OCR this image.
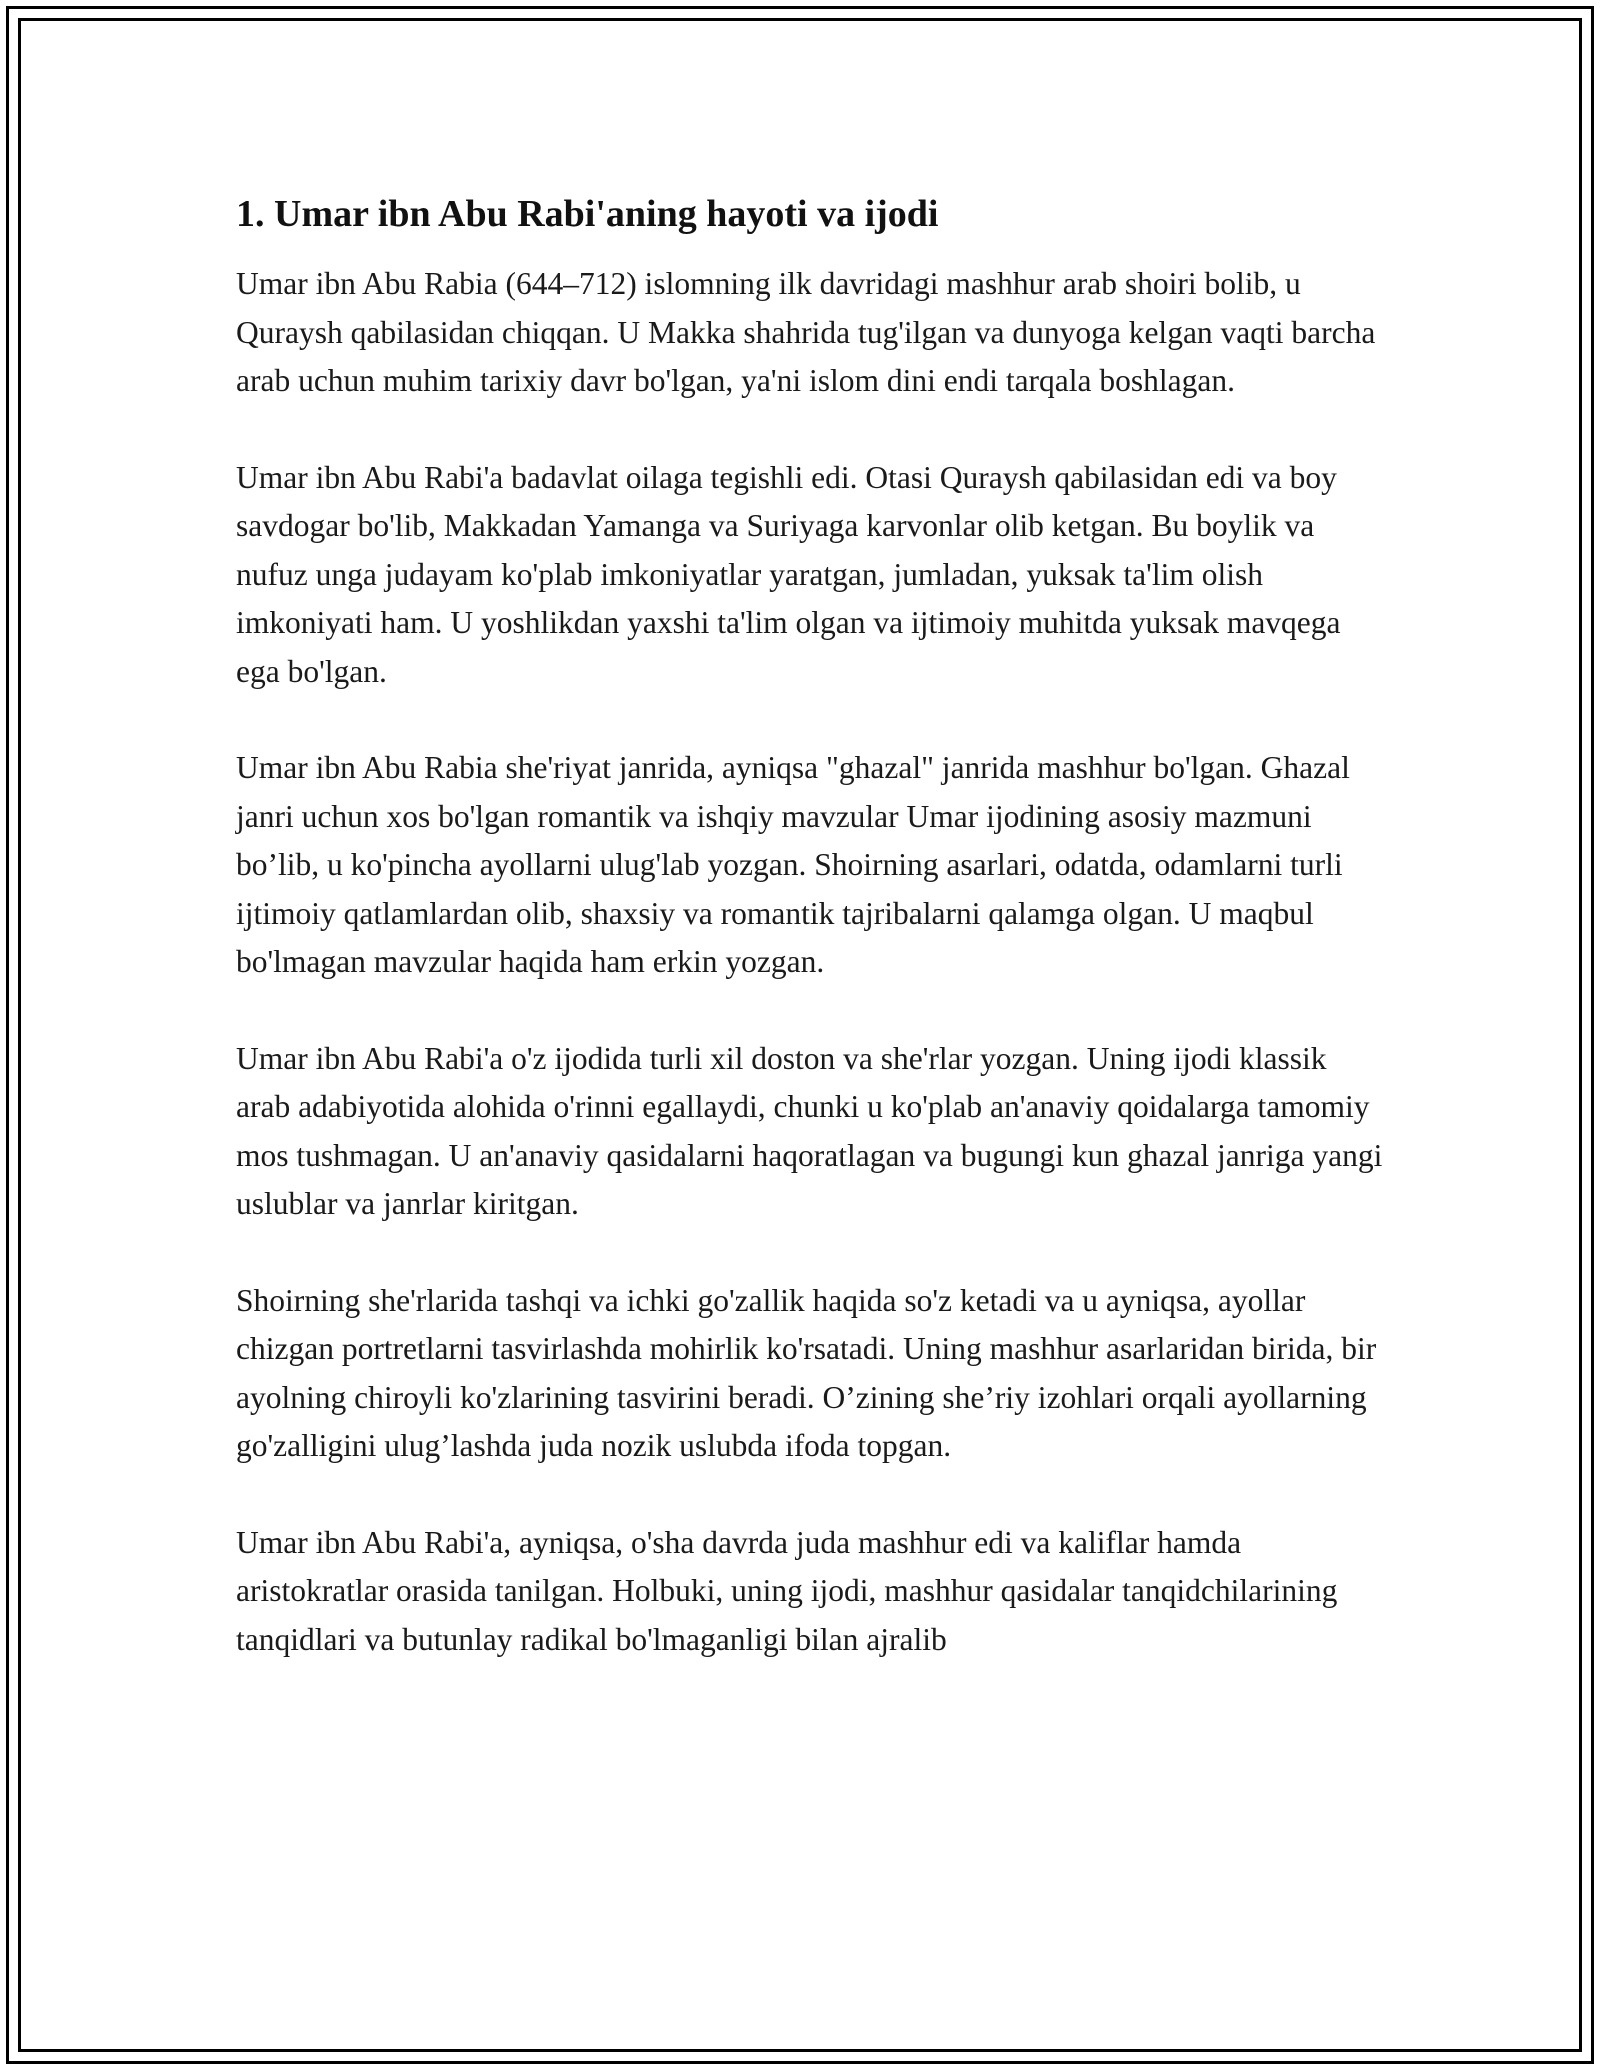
1. Umar ibn Abu Rabi'aning hayoti va ijodi

Umar ibn Abu Rabia (644–712) islomning ilk davridagi mashhur arab shoiri bolib, u Quraysh qabilasidan chiqqan. U Makka shahrida tug'ilgan va dunyoga kelgan vaqti barcha arab uchun muhim tarixiy davr bo'lgan, ya'ni islom dini endi tarqala boshlagan.

Umar ibn Abu Rabi'a badavlat oilaga tegishli edi. Otasi Quraysh qabilasidan edi va boy savdogar bo'lib, Makkadan Yamanga va Suriyaga karvonlar olib ketgan. Bu boylik va nufuz unga judayam ko'plab imkoniyatlar yaratgan, jumladan, yuksak ta'lim olish imkoniyati ham. U yoshlikdan yaxshi ta'lim olgan va ijtimoiy muhitda yuksak mavqega ega bo'lgan.

Umar ibn Abu Rabia she'riyat janrida, ayniqsa "ghazal" janrida mashhur bo'lgan. Ghazal janri uchun xos bo'lgan romantik va ishqiy mavzular Umar ijodining asosiy mazmuni bo’lib, u ko'pincha ayollarni ulug'lab yozgan. Shoirning asarlari, odatda, odamlarni turli ijtimoiy qatlamlardan olib, shaxsiy va romantik tajribalarni qalamga olgan. U maqbul bo'lmagan mavzular haqida ham erkin yozgan.

Umar ibn Abu Rabi'a o'z ijodida turli xil doston va she'rlar yozgan. Uning ijodi klassik arab adabiyotida alohida o'rinni egallaydi, chunki u ko'plab an'anaviy qoidalarga tamomiy mos tushmagan. U an'anaviy qasidalarni haqoratlagan va bugungi kun ghazal janriga yangi uslublar va janrlar kiritgan.

Shoirning she'rlarida tashqi va ichki go'zallik haqida so'z ketadi va u ayniqsa, ayollar chizgan portretlarni tasvirlashda mohirlik ko'rsatadi. Uning mashhur asarlaridan birida, bir ayolning chiroyli ko'zlarining tasvirini beradi. O’zining she’riy izohlari orqali ayollarning go'zalligini ulug’lashda juda nozik uslubda ifoda topgan.

Umar ibn Abu Rabi'a, ayniqsa, o'sha davrda juda mashhur edi va kaliflar hamda aristokratlar orasida tanilgan. Holbuki, uning ijodi, mashhur qasidalar tanqidchilarining tanqidlari va butunlay radikal bo'lmaganligi bilan ajralib
